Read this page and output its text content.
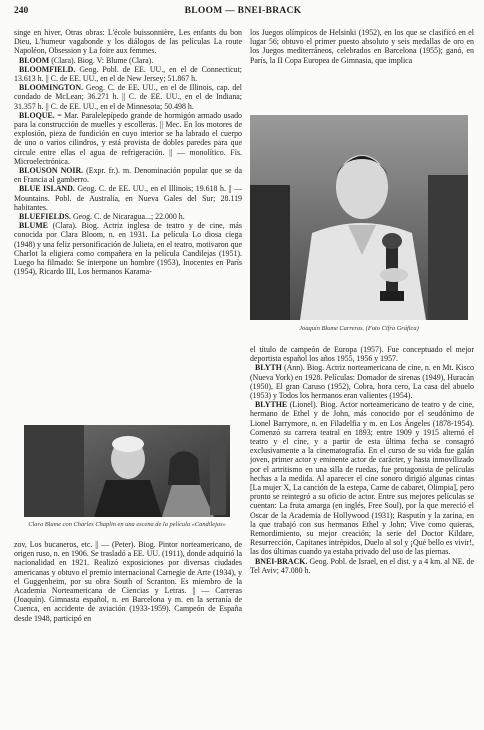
240	BLOOM — BNEI-BRACK

singe en hiver, Otras obras: L'école buissonnière, Les enfants du bon Dieu, L'humeur vagabonde y los diálogos de las películas La route Napoléon, Obsession y La foire aux femmes.

BLOOM (Clara). Biog. V: Blume (Clara).

BLOOMFIELD. Geog. Pobl. de EE. UU., en el de Connecticut; 13.613 h. || C. de EE. UU., en el de New Jersey; 51.867 h.

BLOOMINGTON. Geog. C. de EE. UU., en el de Illinois, cap. del condado de McLean; 36.271 h. || C. de EE. UU., en el de Indiana; 31.357 h. || C. de EE. UU., en el de Minnesota; 50.498 h.

BLOQUE. = Mar. Paralelepípedo grande de hormigón armado usado para la construcción de muelles y escolleras. || Mec. En los motores de explosión, pieza de fundición en cuyo interior se ha labrado el cuerpo de uno o varios cilindros, y está provista de dobles paredes para que circule entre ellas el agua de refrigeración. || — monolítico. Fís. Microelectrónica.

BLOUSON NOIR. (Expr. fr.). m. Denominación popular que se da en Francia al gamberro.

BLUE ISLAND. Geog. C. de EE. UU., en el Illinois; 19.618 h. || — Mountains. Pobl. de Australia, en Nueva Gales del Sur; 28.119 habitantes.

BLUEFIELDS. Geog. C. de Nicaragua...; 22.000 h.

BLUME (Clara). Biog. Actriz inglesa de teatro y de cine, más conocida por Clara Bloom, n. en 1931. La película Lo diosa ciega (1948) y una feliz personificación de Julieta, en el teatro, motivaron que Charlot la eligiera como compañera en la película Candilejas (1951). Luego ha filmado: Se interpone un hombre (1953), Inocentes en París (1954), Ricardo III, Los hermanos Karama-

Clara Blume con Charles Chaplin en una escena de la película «Candilejas»

zov, Los bucaneros, etc. || — (Peter). Biog. Pintor norteamericano, de origen ruso, n. en 1906. Se trasladó a EE. UU. (1911), donde adquirió la nacionalidad en 1921. Realizó exposiciones por diversas ciudades americanas y obtuvo el premio internacional Carnegie de Arte (1934), y el Guggenheim, por su obra South of Scranton. Es miembro de la Academia Norteamericana de Ciencias y Letras. || — Carreras (Joaquín). Gimnasta español, n. en Barcelona y m. en la serranía de Cuenca, en accidente de aviación (1933-1959). Campeón de España desde 1948, participó en

los Juegos olímpicos de Helsinki (1952), en los que se clasificó en el lugar 56; obtuvo el primer puesto absoluto y seis medallas de oro en los Juegos mediterráneos, celebrados en Barcelona (1955); ganó, en París, la II Copa Europea de Gimnasia, que implica

Joaquín Blume Carreras. (Foto Cifra Gráfica)

el título de campeón de Europa (1957). Fue conceptuado el mejor deportista español los años 1955, 1956 y 1957.

BLYTH (Ann). Biog. Actriz norteamericana de cine, n. en Mt. Kisco (Nueva York) en 1928. Películas: Domador de sirenas (1949), Huracán (1950), El gran Caruso (1952), Cobra, hora cero, La casa del abuelo (1953) y Todos los hermanos eran valientes (1954).

BLYTHE (Lionel). Biog. Actor norteamericano de teatro y de cine, hermano de Ethel y de John, más conocido por el seudónimo de Lionel Barrymore, n. en Filadelfia y m. en Los Ángeles (1878-1954). Comenzó su carrera teatral en 1893; entre 1909 y 1915 alternó el teatro y el cine, y a partir de esta última fecha se consagró exclusivamente a la cinematografía. En el curso de su vida fue galán joven, primer actor y eminente actor de carácter, y hasta inmovilizado por el artritismo en una silla de ruedas, fue protagonista de películas hechas a la medida. Al aparecer el cine sonoro dirigió algunas cintas [La mujer X, La canción de la estepa, Carne de cabaret, Olimpia], pero pronto se reintegró a su oficio de actor. Entre sus mejores películas se cuentan: La fruta amarga (en inglés, Free Soul), por la que mereció el Oscar de la Academia de Hollywood (1931); Rasputín y la zarina, en la que trabajó con sus hermanos Ethel y John; Vive como quieras, Remordimiento, su mejor creación; la serie del Doctor Kildare, Resurrección, Capitanes intrépidos, Duelo al sol y ¡Qué bello es vivir!, las dos últimas cuando ya estaba privado del uso de las piernas.

BNEI-BRACK. Geog. Pobl. de Israel, en el dist. y a 4 km. al NE. de Tel Aviv; 47.080 h.
